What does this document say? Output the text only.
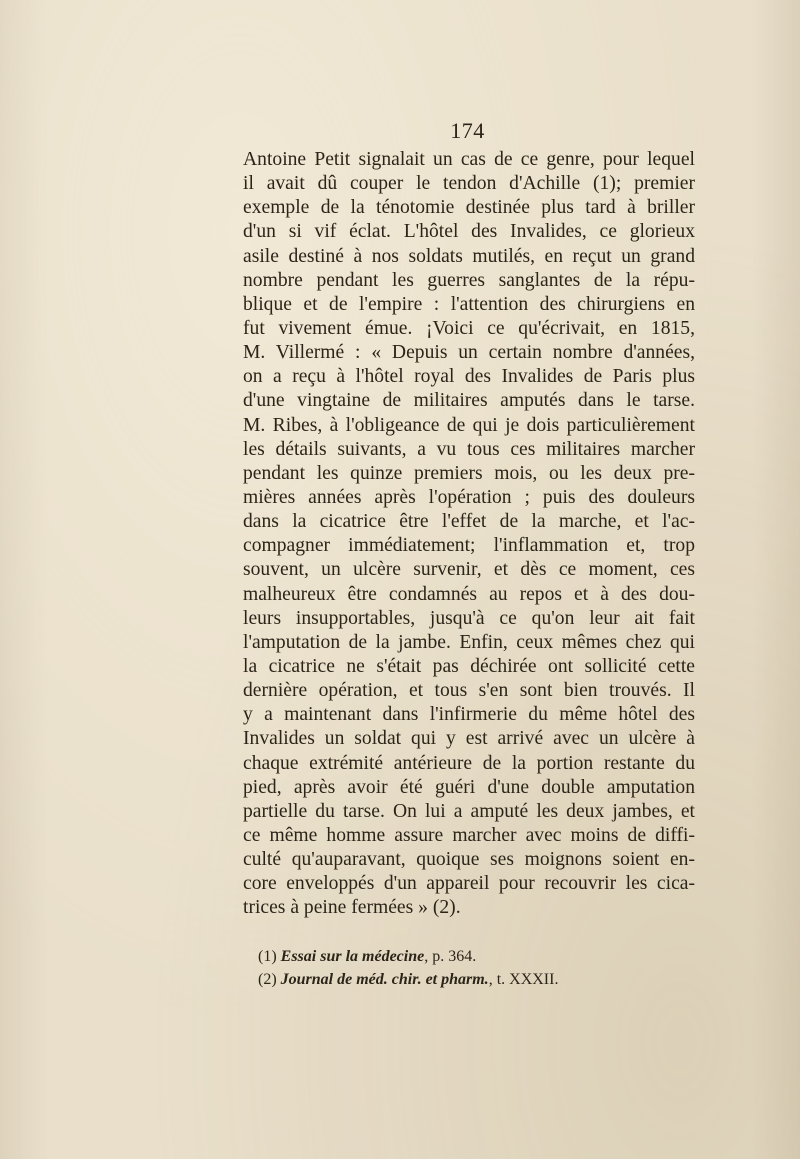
174
Antoine Petit signalait un cas de ce genre, pour lequel
il avait dû couper le tendon d'Achille (1); premier
exemple de la ténotomie destinée plus tard à briller
d'un si vif éclat. L'hôtel des Invalides, ce glorieux
asile destiné à nos soldats mutilés, en reçut un grand
nombre pendant les guerres sanglantes de la répu-
blique et de l'empire : l'attention des chirurgiens en
fut vivement émue. ¡Voici ce qu'écrivait, en 1815,
M. Villermé : « Depuis un certain nombre d'années,
on a reçu à l'hôtel royal des Invalides de Paris plus
d'une vingtaine de militaires amputés dans le tarse.
M. Ribes, à l'obligeance de qui je dois particulièrement
les détails suivants, a vu tous ces militaires marcher
pendant les quinze premiers mois, ou les deux pre-
mières années après l'opération ; puis des douleurs
dans la cicatrice être l'effet de la marche, et l'ac-
compagner immédiatement; l'inflammation et, trop
souvent, un ulcère survenir, et dès ce moment, ces
malheureux être condamnés au repos et à des dou-
leurs insupportables, jusqu'à ce qu'on leur ait fait
l'amputation de la jambe. Enfin, ceux mêmes chez qui
la cicatrice ne s'était pas déchirée ont sollicité cette
dernière opération, et tous s'en sont bien trouvés. Il
y a maintenant dans l'infirmerie du même hôtel des
Invalides un soldat qui y est arrivé avec un ulcère à
chaque extrémité antérieure de la portion restante du
pied, après avoir été guéri d'une double amputation
partielle du tarse. On lui a amputé les deux jambes, et
ce même homme assure marcher avec moins de diffi-
culté qu'auparavant, quoique ses moignons soient en-
core enveloppés d'un appareil pour recouvrir les cica-
trices à peine fermées » (2).
(1) Essai sur la médecine, p. 364.
(2) Journal de méd. chir. et pharm., t. XXXII.
